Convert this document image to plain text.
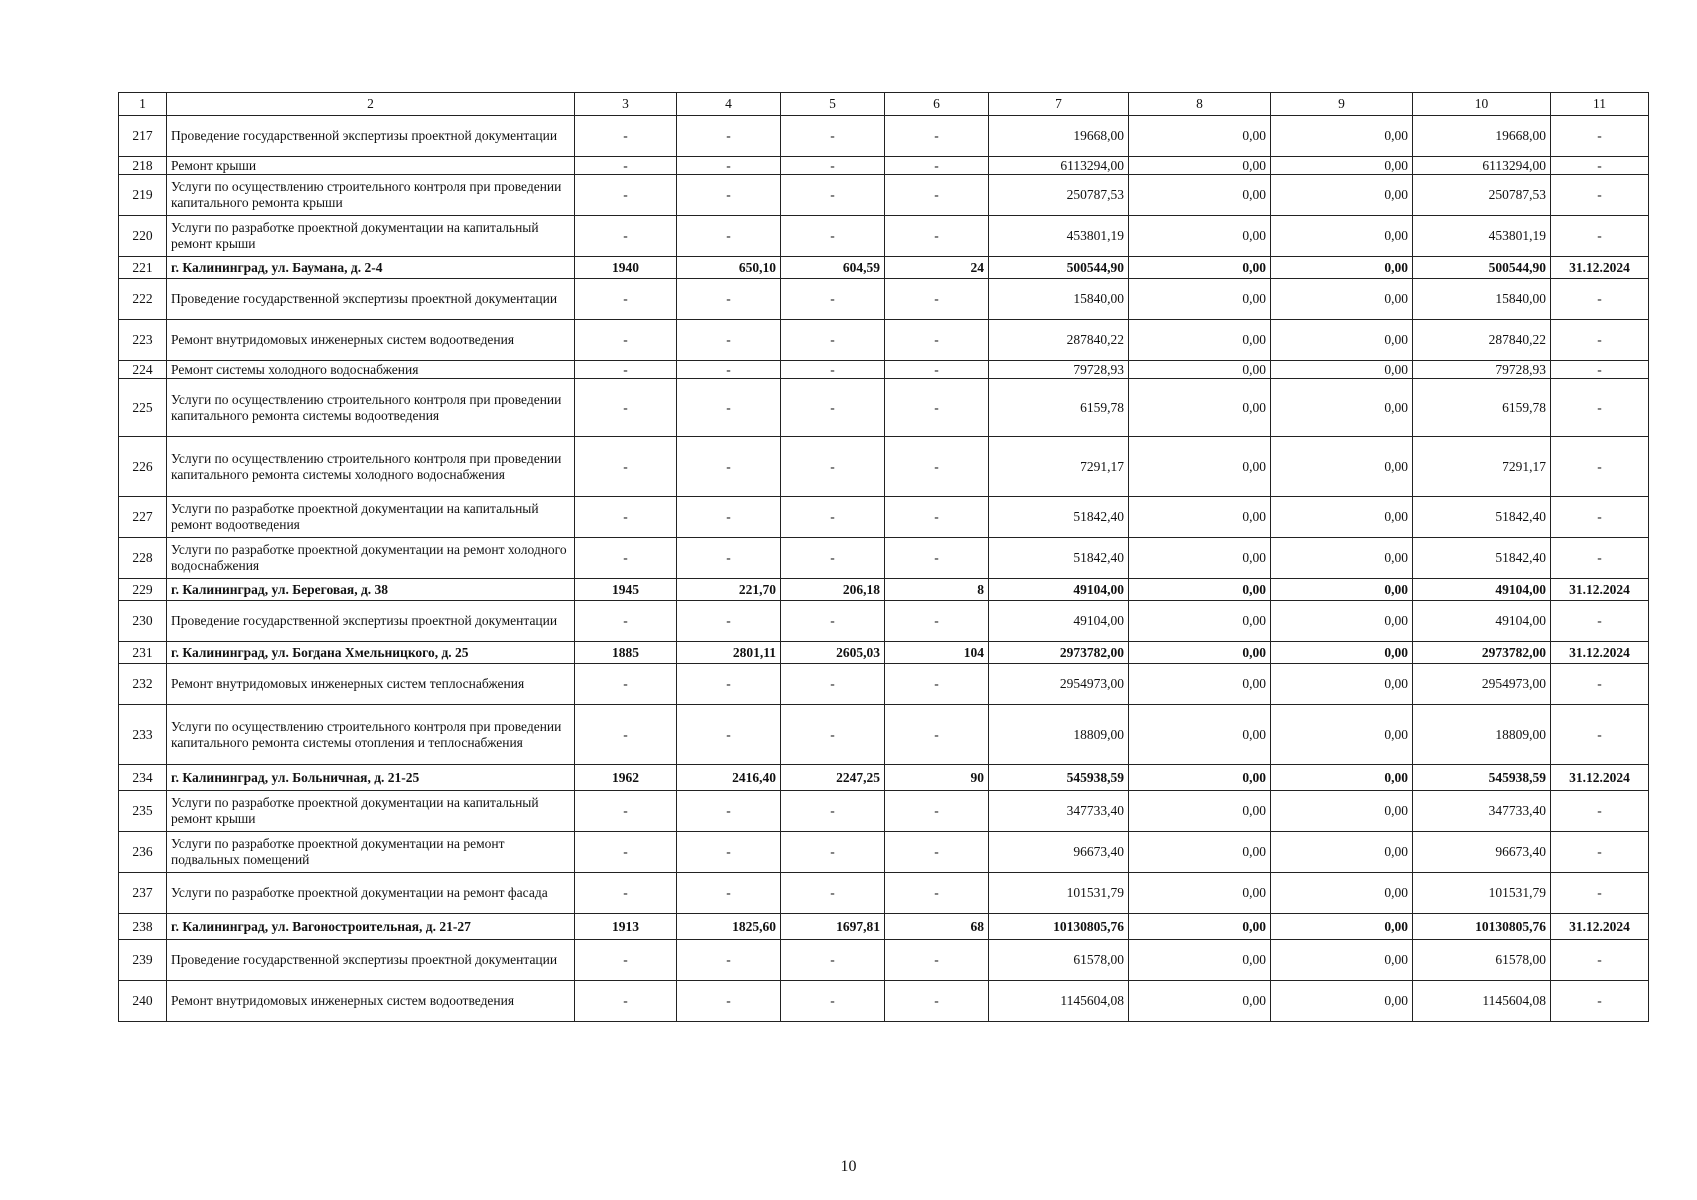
1	2	3	4	5	6	7	8	9	10	11
217	Проведение государственной экспертизы проектной документации	-	-	-	-	19668,00	0,00	0,00	19668,00	-
218	Ремонт крыши	-	-	-	-	6113294,00	0,00	0,00	6113294,00	-
219	Услуги по осуществлению строительного контроля при проведении капитального ремонта крыши	-	-	-	-	250787,53	0,00	0,00	250787,53	-
220	Услуги по разработке проектной документации на капитальный ремонт крыши	-	-	-	-	453801,19	0,00	0,00	453801,19	-
221	г. Калининград, ул. Баумана, д. 2-4	1940	650,10	604,59	24	500544,90	0,00	0,00	500544,90	31.12.2024
222	Проведение государственной экспертизы проектной документации	-	-	-	-	15840,00	0,00	0,00	15840,00	-
223	Ремонт внутридомовых инженерных систем водоотведения	-	-	-	-	287840,22	0,00	0,00	287840,22	-
224	Ремонт системы холодного водоснабжения	-	-	-	-	79728,93	0,00	0,00	79728,93	-
225	Услуги по осуществлению строительного контроля при проведении капитального ремонта системы водоотведения	-	-	-	-	6159,78	0,00	0,00	6159,78	-
226	Услуги по осуществлению строительного контроля при проведении капитального ремонта системы холодного водоснабжения	-	-	-	-	7291,17	0,00	0,00	7291,17	-
227	Услуги по разработке проектной документации на капитальный ремонт водоотведения	-	-	-	-	51842,40	0,00	0,00	51842,40	-
228	Услуги по разработке проектной документации на ремонт холодного водоснабжения	-	-	-	-	51842,40	0,00	0,00	51842,40	-
229	г. Калининград, ул. Береговая, д. 38	1945	221,70	206,18	8	49104,00	0,00	0,00	49104,00	31.12.2024
230	Проведение государственной экспертизы проектной документации	-	-	-	-	49104,00	0,00	0,00	49104,00	-
231	г. Калининград, ул. Богдана Хмельницкого, д. 25	1885	2801,11	2605,03	104	2973782,00	0,00	0,00	2973782,00	31.12.2024
232	Ремонт внутридомовых инженерных систем теплоснабжения	-	-	-	-	2954973,00	0,00	0,00	2954973,00	-
233	Услуги по осуществлению строительного контроля при проведении капитального ремонта системы отопления и теплоснабжения	-	-	-	-	18809,00	0,00	0,00	18809,00	-
234	г. Калининград, ул. Больничная, д. 21-25	1962	2416,40	2247,25	90	545938,59	0,00	0,00	545938,59	31.12.2024
235	Услуги по разработке проектной документации на капитальный ремонт крыши	-	-	-	-	347733,40	0,00	0,00	347733,40	-
236	Услуги по разработке проектной документации на ремонт подвальных помещений	-	-	-	-	96673,40	0,00	0,00	96673,40	-
237	Услуги по разработке проектной документации на ремонт фасада	-	-	-	-	101531,79	0,00	0,00	101531,79	-
238	г. Калининград, ул. Вагоностроительная, д. 21-27	1913	1825,60	1697,81	68	10130805,76	0,00	0,00	10130805,76	31.12.2024
239	Проведение государственной экспертизы проектной документации	-	-	-	-	61578,00	0,00	0,00	61578,00	-
240	Ремонт внутридомовых инженерных систем водоотведения	-	-	-	-	1145604,08	0,00	0,00	1145604,08	-
10
